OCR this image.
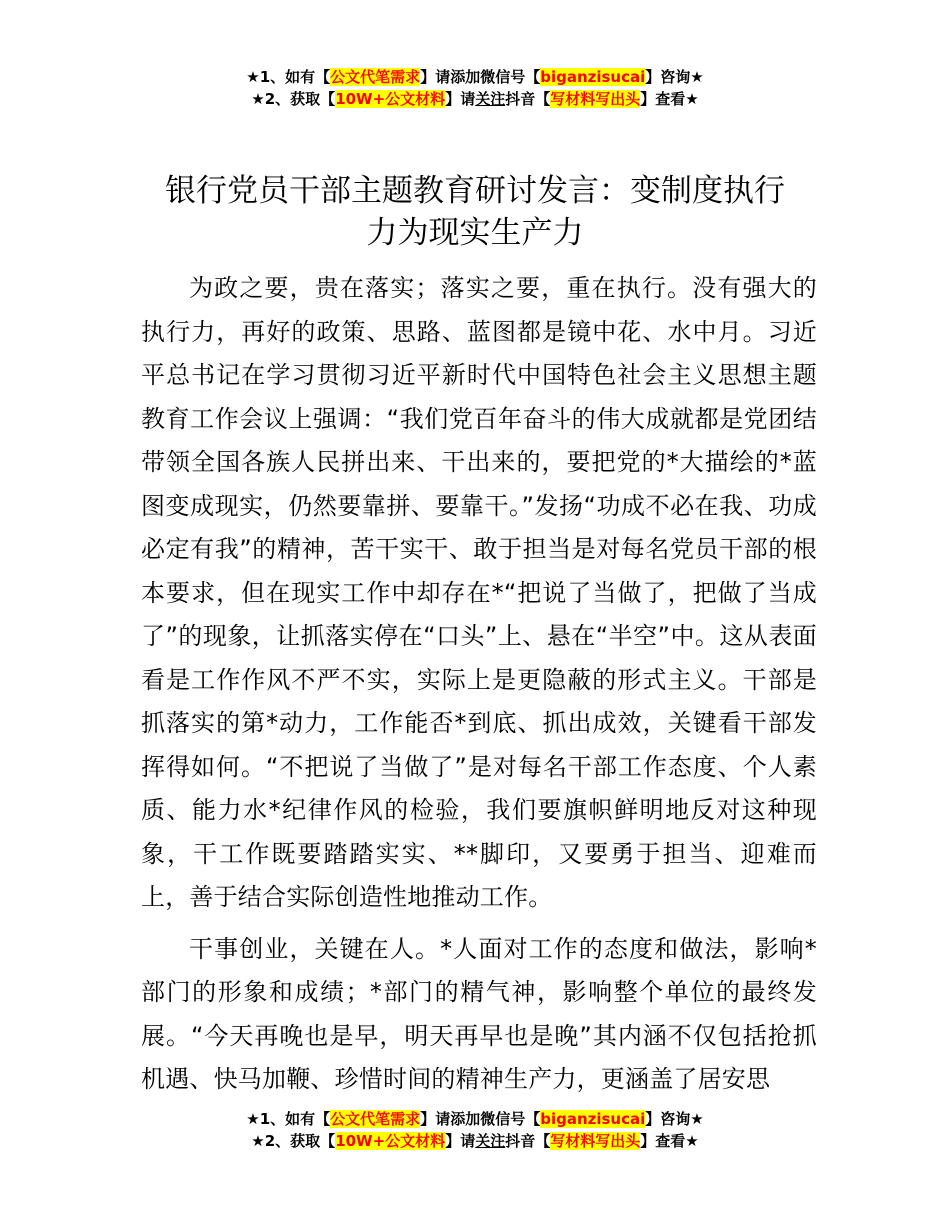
★1、如有【公文代笔需求】请添加微信号【biganzisucai】咨询★
★2、获取【10W+公文材料】请关注抖音【写材料写出头】查看★
银行党员干部主题教育研讨发言：变制度执行
力为现实生产力

为政之要，贵在落实；落实之要，重在执行。没有强大的执行力，再好的政策、思路、蓝图都是镜中花、水中月。习近平总书记在学习贯彻习近平新时代中国特色社会主义思想主题教育工作会议上强调：“我们党百年奋斗的伟大成就都是党团结带领全国各族人民拼出来、干出来的，要把党的*大描绘的*蓝图变成现实，仍然要靠拼、要靠干。”发扬“功成不必在我、功成必定有我”的精神，苦干实干、敢于担当是对每名党员干部的根本要求，但在现实工作中却存在*“把说了当做了，把做了当成了”的现象，让抓落实停在“口头”上、悬在“半空”中。这从表面看是工作作风不严不实，实际上是更隐蔽的形式主义。干部是抓落实的第*动力，工作能否*到底、抓出成效，关键看干部发挥得如何。“不把说了当做了”是对每名干部工作态度、个人素质、能力水*纪律作风的检验，我们要旗帜鲜明地反对这种现象，干工作既要踏踏实实、**脚印，又要勇于担当、迎难而上，善于结合实际创造性地推动工作。

干事创业，关键在人。*人面对工作的态度和做法，影响*部门的形象和成绩；*部门的精气神，影响整个单位的最终发展。“今天再晚也是早，明天再早也是晚”其内涵不仅包括抢抓机遇、快马加鞭、珍惜时间的精神生产力，更涵盖了居安思

★1、如有【公文代笔需求】请添加微信号【biganzisucai】咨询★
★2、获取【10W+公文材料】请关注抖音【写材料写出头】查看★
